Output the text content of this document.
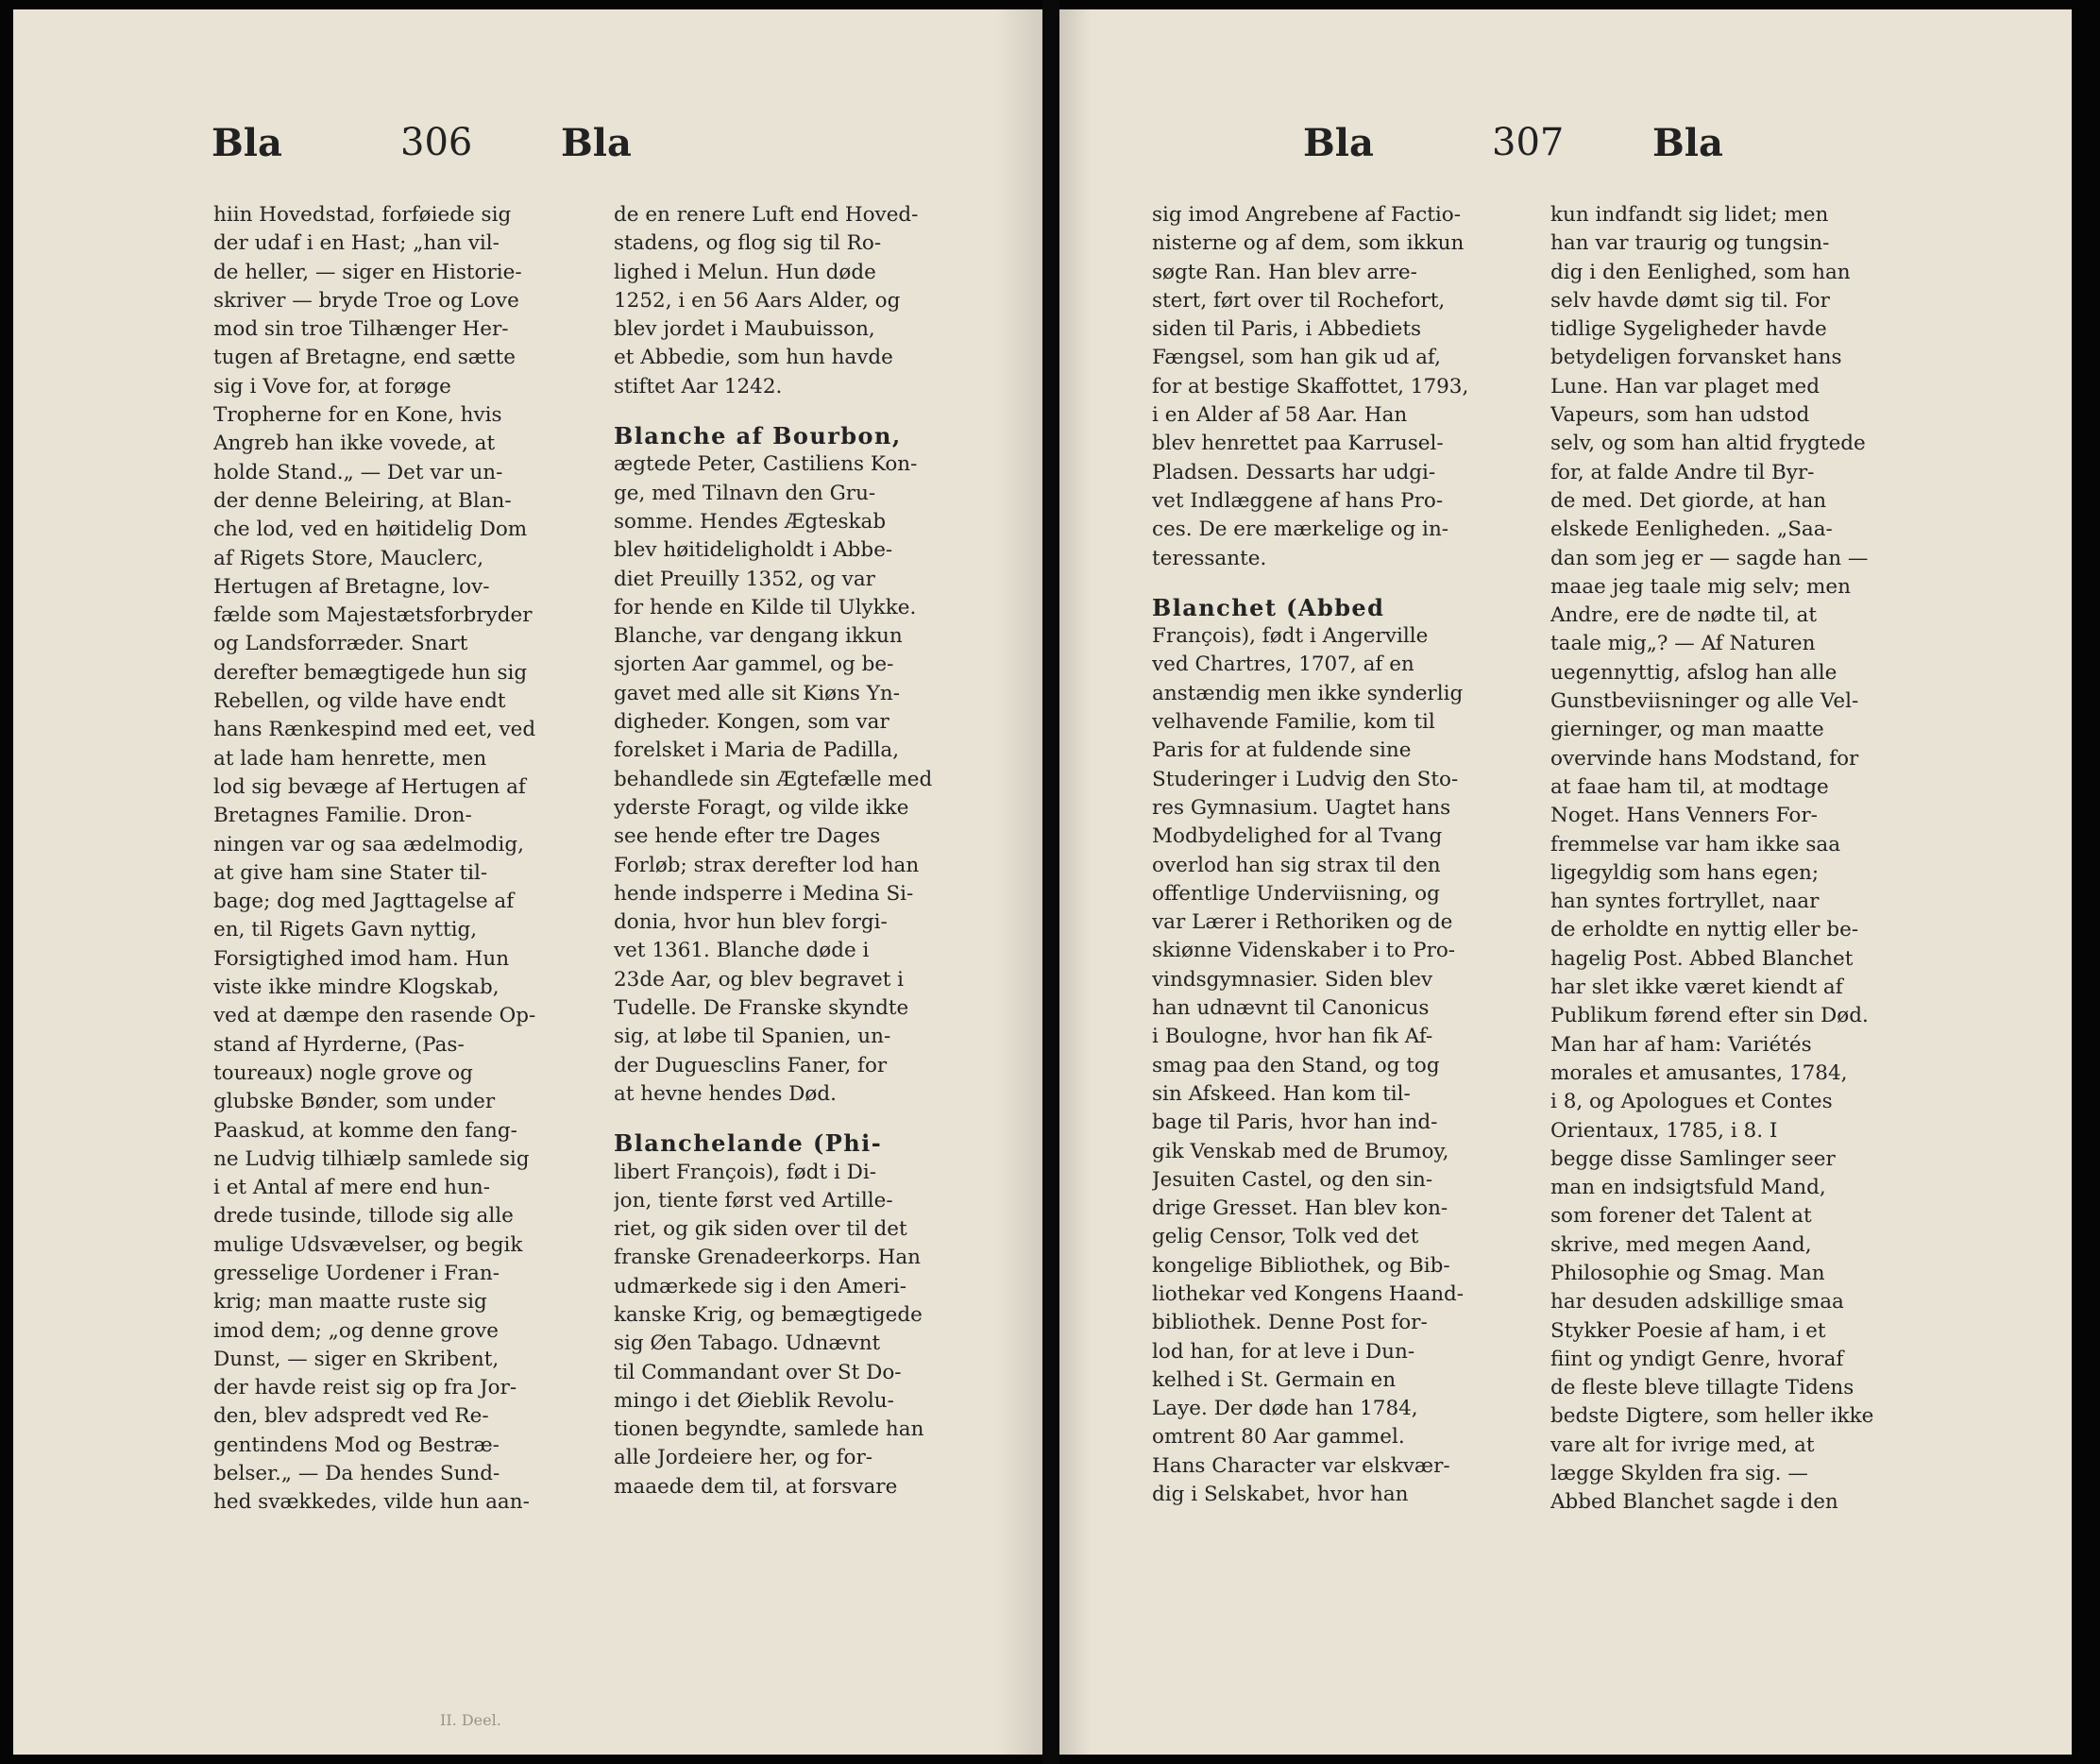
Bla	306 Bla
hiin Hovedstad, forføiede sig
der udaf i en Hast; „han vil-
de heller, — siger en Historie-
skriver — bryde Troe og Love
mod sin troe Tilhænger Her-
tugen af Bretagne, end sætte
sig i Vove for, at forøge
Tropherne for en Kone, hvis
Angreb han ikke vovede, at
holde Stand.„ — Det var un-
der denne Beleiring, at Blan-
che lod, ved en høitidelig Dom
af Rigets Store, Mauclerc,
Hertugen af Bretagne, lov-
fælde som Majestætsforbryder
og Landsforræder. Snart
derefter bemægtigede hun sig
Rebellen, og vilde have endt
hans Rænkespind med eet, ved
at lade ham henrette, men
lod sig bevæge af Hertugen af
Bretagnes Familie. Dron-
ningen var og saa ædelmodig,
at give ham sine Stater til-
bage; dog med Jagttagelse af
en, til Rigets Gavn nyttig,
Forsigtighed imod ham. Hun
viste ikke mindre Klogskab,
ved at dæmpe den rasende Op-
stand af Hyrderne, (Pas-
toureaux) nogle grove og
glubske Bønder, som under
Paaskud, at komme den fang-
ne Ludvig tilhiælp samlede sig
i et Antal af mere end hun-
drede tusinde, tillode sig alle
mulige Udsvævelser, og begik
gresselige Uordener i Fran-
krig; man maatte ruste sig
imod dem; „og denne grove
Dunst, — siger en Skribent,
der havde reist sig op fra Jor-
den, blev adspredt ved Re-
gentindens Mod og Bestræ-
belser.„ — Da hendes Sund-
hed svækkedes, vilde hun aan-
de en renere Luft end Hoved-
stadens, og flog sig til Ro-
lighed i Melun. Hun døde
1252, i en 56 Aars Alder, og
blev jordet i Maubuisson,
et Abbedie, som hun havde
stiftet Aar 1242.
Blanche af Bourbon,
ægtede Peter, Castiliens Kon-
ge, med Tilnavn den Gru-
somme. Hendes Ægteskab
blev høitideligholdt i Abbe-
diet Preuilly 1352, og var
for hende en Kilde til Ulykke.
Blanche, var dengang ikkun
sjorten Aar gammel, og be-
gavet med alle sit Kiøns Yn-
digheder. Kongen, som var
forelsket i Maria de Padilla,
behandlede sin Ægtefælle med
yderste Foragt, og vilde ikke
see hende efter tre Dages
Forløb; strax derefter lod han
hende indsperre i Medina Si-
donia, hvor hun blev forgi-
vet 1361. Blanche døde i
23de Aar, og blev begravet i
Tudelle. De Franske skyndte
sig, at løbe til Spanien, un-
der Duguesclins Faner, for
at hevne hendes Død.
Blanchelande (Phi-
libert François), født i Di-
jon, tiente først ved Artille-
riet, og gik siden over til det
franske Grenadeerkorps. Han
udmærkede sig i den Ameri-
kanske Krig, og bemægtigede
sig Øen Tabago. Udnævnt
til Commandant over St Do-
mingo i det Øieblik Revolu-
tionen begyndte, samlede han
alle Jordeiere her, og for-
maaede dem til, at forsvare
II. Deel.
Bla	307 Bla
sig imod Angrebene af Factio-
nisterne og af dem, som ikkun
søgte Ran. Han blev arre-
stert, ført over til Rochefort,
siden til Paris, i Abbediets
Fængsel, som han gik ud af,
for at bestige Skaffottet, 1793,
i en Alder af 58 Aar. Han
blev henrettet paa Karrusel-
Pladsen. Dessarts har udgi-
vet Indlæggene af hans Pro-
ces. De ere mærkelige og in-
teressante.
Blanchet (Abbed
François), født i Angerville
ved Chartres, 1707, af en
anstændig men ikke synderlig
velhavende Familie, kom til
Paris for at fuldende sine
Studeringer i Ludvig den Sto-
res Gymnasium. Uagtet hans
Modbydelighed for al Tvang
overlod han sig strax til den
offentlige Underviisning, og
var Lærer i Rethoriken og de
skiønne Videnskaber i to Pro-
vindsgymnasier. Siden blev
han udnævnt til Canonicus
i Boulogne, hvor han fik Af-
smag paa den Stand, og tog
sin Afskeed. Han kom til-
bage til Paris, hvor han ind-
gik Venskab med de Brumoy,
Jesuiten Castel, og den sin-
drige Gresset. Han blev kon-
gelig Censor, Tolk ved det
kongelige Bibliothek, og Bib-
liothekar ved Kongens Haand-
bibliothek. Denne Post for-
lod han, for at leve i Dun-
kelhed i St. Germain en
Laye. Der døde han 1784,
omtrent 80 Aar gammel.
Hans Character var elskvær-
dig i Selskabet, hvor han
kun indfandt sig lidet; men
han var traurig og tungsin-
dig i den Eenlighed, som han
selv havde dømt sig til. For
tidlige Sygeligheder havde
betydeligen forvansket hans
Lune. Han var plaget med
Vapeurs, som han udstod
selv, og som han altid frygtede
for, at falde Andre til Byr-
de med. Det giorde, at han
elskede Eenligheden. „Saa-
dan som jeg er — sagde han —
maae jeg taale mig selv; men
Andre, ere de nødte til, at
taale mig„? — Af Naturen
uegennyttig, afslog han alle
Gunstbeviisninger og alle Vel-
gierninger, og man maatte
overvinde hans Modstand, for
at faae ham til, at modtage
Noget. Hans Venners For-
fremmelse var ham ikke saa
ligegyldig som hans egen;
han syntes fortryllet, naar
de erholdte en nyttig eller be-
hagelig Post. Abbed Blanchet
har slet ikke været kiendt af
Publikum førend efter sin Død.
Man har af ham: Variétés
morales et amusantes, 1784,
i 8, og Apologues et Contes
Orientaux, 1785, i 8. I
begge disse Samlinger seer
man en indsigtsfuld Mand,
som forener det Talent at
skrive, med megen Aand,
Philosophie og Smag. Man
har desuden adskillige smaa
Stykker Poesie af ham, i et
fiint og yndigt Genre, hvoraf
de fleste bleve tillagte Tidens
bedste Digtere, som heller ikke
vare alt for ivrige med, at
lægge Skylden fra sig. —
Abbed Blanchet sagde i den
